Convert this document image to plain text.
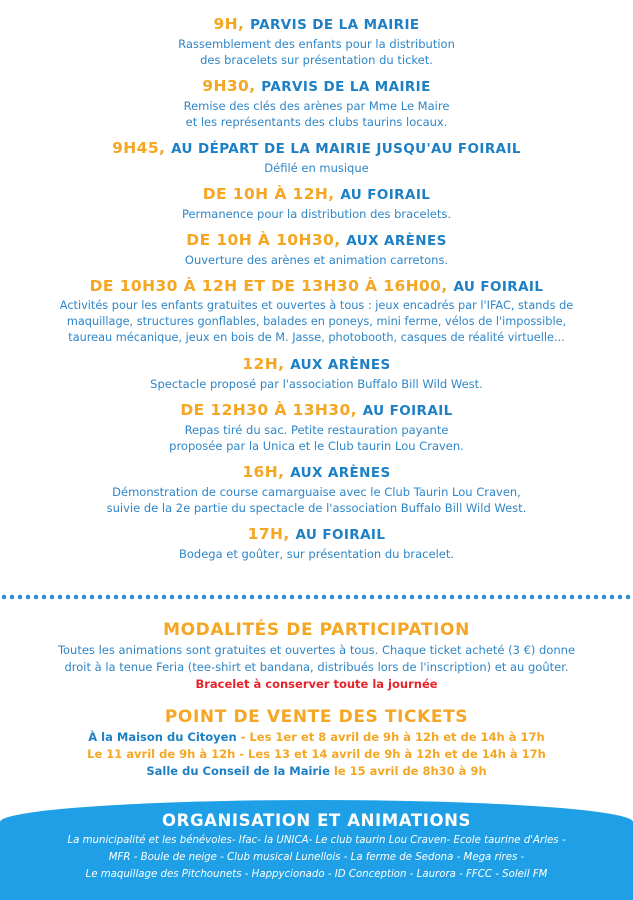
9H, PARVIS DE LA MAIRIE
Rassemblement des enfants pour la distribution
des bracelets sur présentation du ticket.
9H30, PARVIS DE LA MAIRIE
Remise des clés des arènes par Mme Le Maire
et les représentants des clubs taurins locaux.
9H45, AU DÉPART DE LA MAIRIE JUSQU'AU FOIRAIL
Défilé en musique
DE 10H À 12H, AU FOIRAIL
Permanence pour la distribution des bracelets.
DE 10H À 10H30, AUX ARÈNES
Ouverture des arènes et animation carretons.
DE 10H30 À 12H ET DE 13H30 À 16H00, AU FOIRAIL
Activités pour les enfants gratuites et ouvertes à tous : jeux encadrés par l'IFAC, stands de
maquillage, structures gonflables, balades en poneys, mini ferme, vélos de l'impossible,
taureau mécanique, jeux en bois de M. Jasse, photobooth, casques de réalité virtuelle...
12H, AUX ARÈNES
Spectacle proposé par l'association Buffalo Bill Wild West.
DE 12H30 À 13H30, AU FOIRAIL
Repas tiré du sac. Petite restauration payante
proposée par la Unica et le Club taurin Lou Craven.
16H, AUX ARÈNES
Démonstration de course camarguaise avec le Club Taurin Lou Craven,
suivie de la 2e partie du spectacle de l'association Buffalo Bill Wild West.
17H, AU FOIRAIL
Bodega et goûter, sur présentation du bracelet.
MODALITÉS DE PARTICIPATION
Toutes les animations sont gratuites et ouvertes à tous. Chaque ticket acheté (3 €) donne
droit à la tenue Feria (tee-shirt et bandana, distribués lors de l'inscription) et au goûter.
Bracelet à conserver toute la journée
POINT DE VENTE DES TICKETS
À la Maison du Citoyen - Les 1er et 8 avril de 9h à 12h et de 14h à 17h
Le 11 avril de 9h à 12h - Les 13 et 14 avril de 9h à 12h et de 14h à 17h
Salle du Conseil de la Mairie le 15 avril de 8h30 à 9h
ORGANISATION ET ANIMATIONS
La municipalité et les bénévoles- Ifac- la UNICA- Le club taurin Lou Craven- Ecole taurine d'Arles -
MFR - Boule de neige - Club musical Lunellois - La ferme de Sedona - Mega rires -
Le maquillage des Pitchounets - Happycionado - ID Conception - Laurora - FFCC - Soleil FM
